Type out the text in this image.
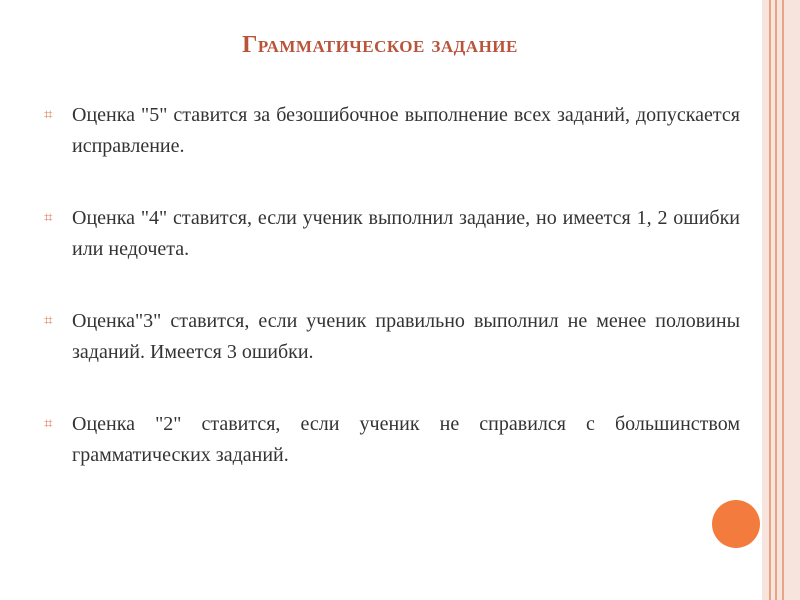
Грамматическое задание
⌗ Оценка "5" ставится за безошибочное выполнение всех заданий, допускается исправление.
⌗ Оценка "4" ставится, если ученик выполнил задание, но имеется 1, 2 ошибки или недочета.
⌗ Оценка"3" ставится, если ученик правильно выполнил не менее половины заданий. Имеется 3 ошибки.
⌗ Оценка "2" ставится, если ученик не справился с большинством грамматических заданий.
